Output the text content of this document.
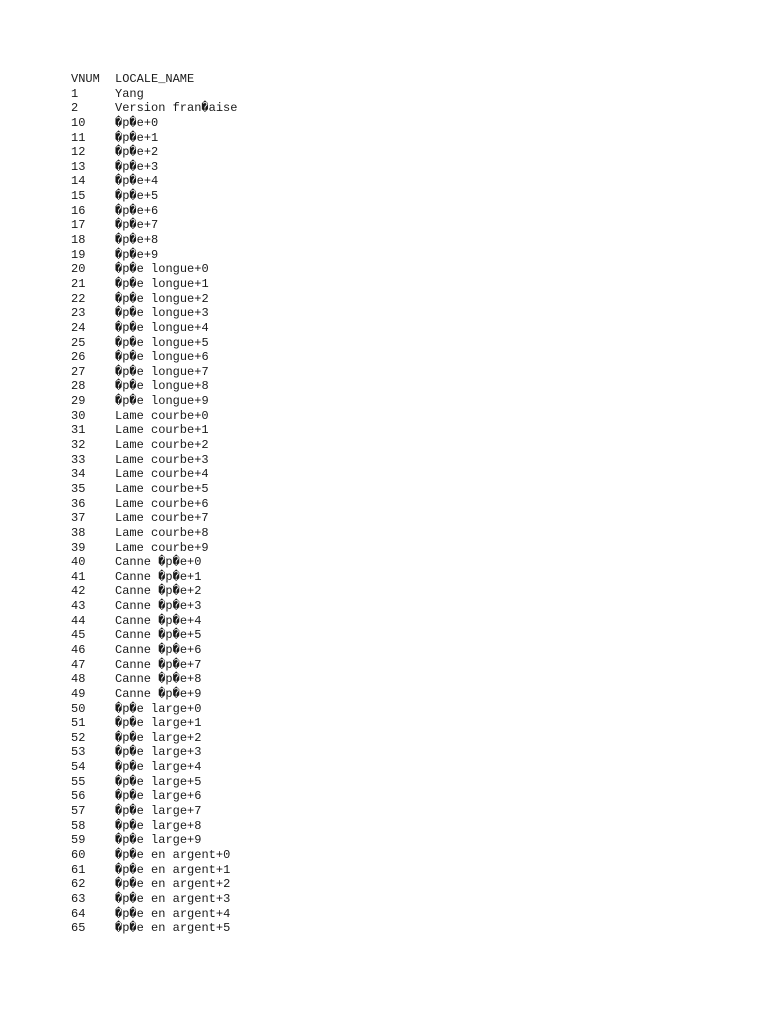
VNUM	LOCALE_NAME
1	Yang
2	Version fran�aise
10	�p�e+0
11	�p�e+1
12	�p�e+2
13	�p�e+3
14	�p�e+4
15	�p�e+5
16	�p�e+6
17	�p�e+7
18	�p�e+8
19	�p�e+9
20	�p�e longue+0
21	�p�e longue+1
22	�p�e longue+2
23	�p�e longue+3
24	�p�e longue+4
25	�p�e longue+5
26	�p�e longue+6
27	�p�e longue+7
28	�p�e longue+8
29	�p�e longue+9
30	Lame courbe+0
31	Lame courbe+1
32	Lame courbe+2
33	Lame courbe+3
34	Lame courbe+4
35	Lame courbe+5
36	Lame courbe+6
37	Lame courbe+7
38	Lame courbe+8
39	Lame courbe+9
40	Canne �p�e+0
41	Canne �p�e+1
42	Canne �p�e+2
43	Canne �p�e+3
44	Canne �p�e+4
45	Canne �p�e+5
46	Canne �p�e+6
47	Canne �p�e+7
48	Canne �p�e+8
49	Canne �p�e+9
50	�p�e large+0
51	�p�e large+1
52	�p�e large+2
53	�p�e large+3
54	�p�e large+4
55	�p�e large+5
56	�p�e large+6
57	�p�e large+7
58	�p�e large+8
59	�p�e large+9
60	�p�e en argent+0
61	�p�e en argent+1
62	�p�e en argent+2
63	�p�e en argent+3
64	�p�e en argent+4
65	�p�e en argent+5
